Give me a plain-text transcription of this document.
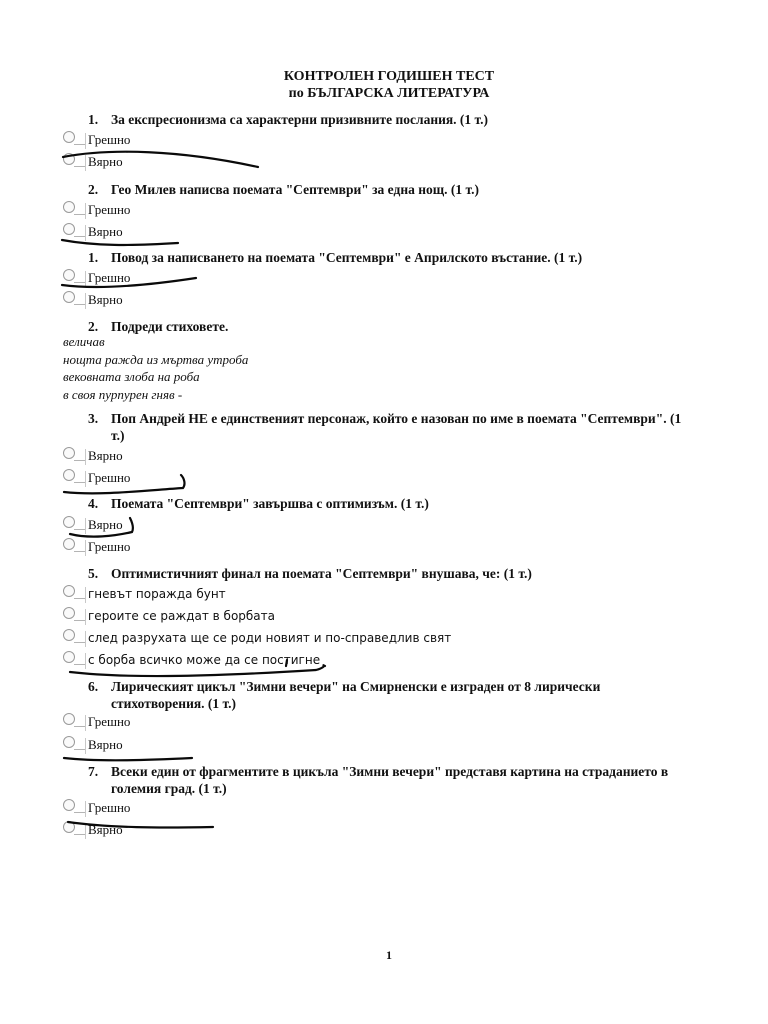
КОНТРОЛЕН ГОДИШЕН ТЕСТ
по БЪЛГАРСКА ЛИТЕРАТУРА
1. За експресионизма са характерни призивните послания. (1 т.)
Грешно
Вярно
2. Гео Милев написва поемата "Септември" за една нощ. (1 т.)
Грешно
Вярно
1. Повод за написването на поемата "Септември" е Априлското въстание. (1 т.)
Грешно
Вярно
2. Подреди стиховете.
величав
нощта ражда из мъртва утроба
вековната злоба на роба
в своя пурпурен гняв -
3. Поп Андрей НЕ е единственият персонаж, който е назован по име в поемата "Септември". (1 т.)
Вярно
Грешно
4. Поемата "Септември" завършва с оптимизъм. (1 т.)
Вярно
Грешно
5. Оптимистичният финал на поемата "Септември" внушава, че: (1 т.)
гневът поражда бунт
героите се раждат в борбата
след разрухата ще се роди новият и по-справедлив свят
с борба всичко може да се постигне
6. Лирическият цикъл "Зимни вечери" на Смирненски е изграден от 8 лирически стихотворения. (1 т.)
Грешно
Вярно
7. Всеки един от фрагментите в цикъла "Зимни вечери" представя картина на страданието в големия град. (1 т.)
Грешно
Вярно
1
